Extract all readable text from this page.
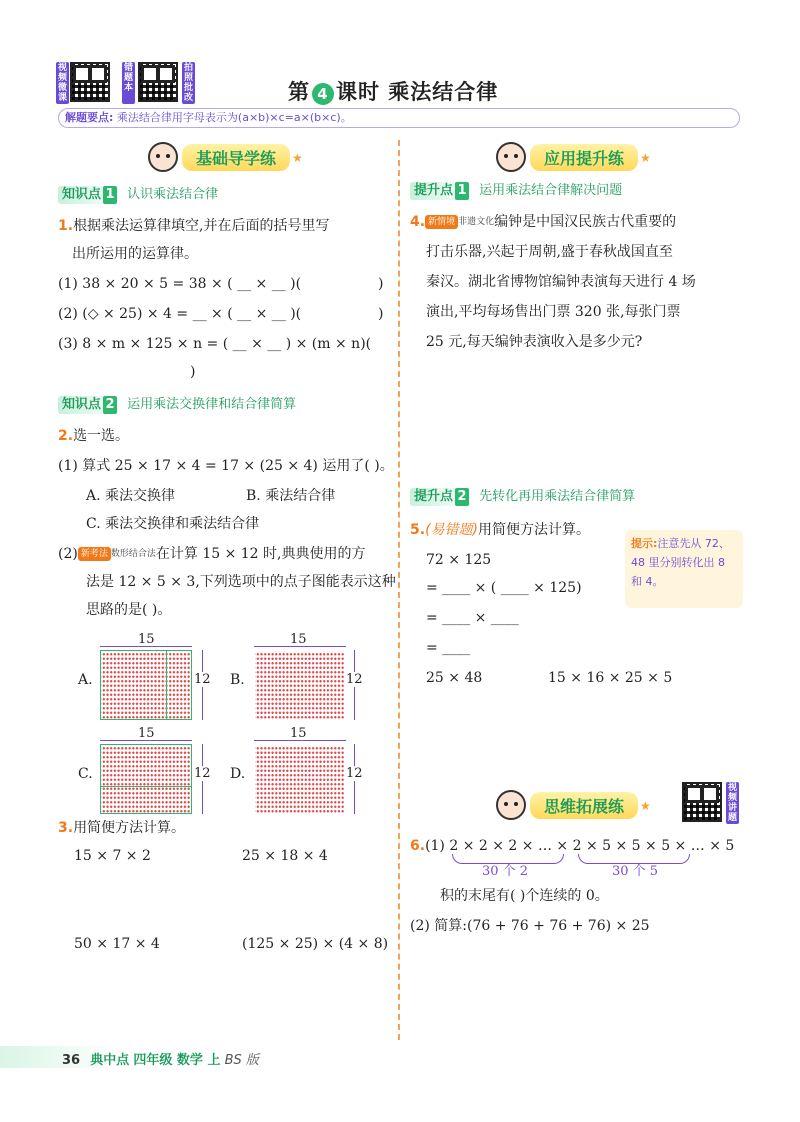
视频微课
错题本
拍照批改	第 4 课时 乘法结合律
解题要点: 乘法结合律用字母表示为(a×b)×c=a×(b×c)。
基础导学练 ★
知识点 1 认识乘法结合律
1.根据乘法运算律填空,并在后面的括号里写
出所运用的运算律。
(1) 38 × 20 × 5 = 38 × ( __ × __ )(	)
(2) (◇ × 25) × 4 = __ × ( __ × __ )(	)
(3) 8 × m × 125 × n = ( __ × __ ) × (m × n)(
)
知识点 2 运用乘法交换律和结合律简算
2.选一选。
(1) 算式 25 × 17 × 4 = 17 × (25 × 4) 运用了( )。
A. 乘法交换律	B. 乘法结合律
C. 乘法交换律和乘法结合律
(2) 新考法 数形结合法在计算 15 × 12 时,典典使用的方
法是 12 × 5 × 3,下列选项中的点子图能表示这种
思路的是( )。
A.
15
12 B.
15
12
C.
15
12 D.
15
12
3.用简便方法计算。
15 × 7 × 2	25 × 18 × 4
50 × 17 × 4	(125 × 25) × (4 × 8)
应用提升练 ★
提升点 1 运用乘法结合律解决问题
4. 新情境 非遗文化编钟是中国汉民族古代重要的
打击乐器,兴起于周朝,盛于春秋战国直至
秦汉。湖北省博物馆编钟表演每天进行 4 场
演出,平均每场售出门票 320 张,每张门票
25 元,每天编钟表演收入是多少元?
提升点 2 先转化再用乘法结合律简算
5.(易错题)用简便方法计算。
72 × 125
= ____ × ( ____ × 125)
= ____ × ____
= ____
25 × 48	15 × 16 × 25 × 5
提示:注意先从 72、48 里分别转化出 8 和 4。
思维拓展练 ★
视频讲题
6.(1) 2 × 2 × 2 × … × 2 × 5 × 5 × 5 × … × 5
30 个 2	30 个 5
积的末尾有( )个连续的 0。
(2) 简算:(76 + 76 + 76 + 76) × 25
36 典中点 四年级 数学 上 BS 版
